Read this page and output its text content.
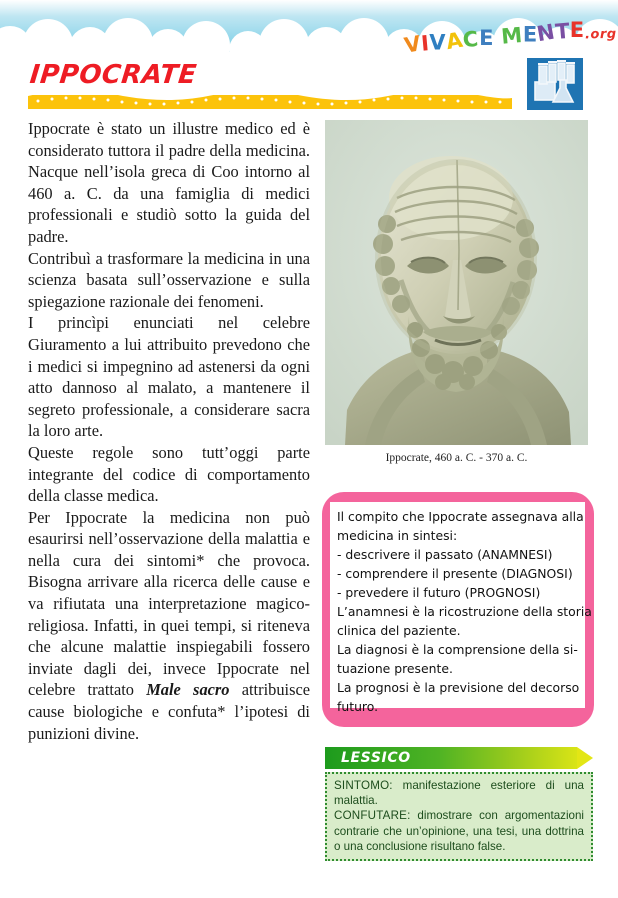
VIVACE MENTE.org
IPPOCRATE

Ippocrate è stato un illustre medico ed è considerato tuttora il padre della medicina. Nacque nell’isola greca di Coo intorno al 460 a. C. da una famiglia di medici professionali e studiò sotto la guida del padre.

Contribuì a trasformare la medicina in una scienza basata sull’osservazione e sulla spiegazione razionale dei fenomeni.

I princìpi enunciati nel celebre Giuramento a lui attribuito prevedono che i medici si impegnino ad astenersi da ogni atto dannoso al malato, a mantenere il segreto professionale, a considerare sacra la loro arte.

Queste regole sono tutt’oggi parte integrante del codice di comportamento della classe medica.

Per Ippocrate la medicina non può esaurirsi nell’osservazione della malattia e nella cura dei sintomi* che provoca. Bisogna arrivare alla ricerca delle cause e va rifiutata una interpretazione magico-religiosa. Infatti, in quei tempi, si riteneva che alcune malattie inspiegabili fossero inviate dagli dei, invece Ippocrate nel celebre trattato Male sacro attribuisce cause biologiche e confuta* l’ipotesi di punizioni divine.

Ippocrate, 460 a. C. - 370 a. C.

Il compito che Ippocrate assegnava alla

medicina in sintesi:

- descrivere il passato (ANAMNESI)

- comprendere il presente (DIAGNOSI)

- prevedere il futuro (PROGNOSI)

L’anamnesi è la ricostruzione della storia

clinica del paziente.

La diagnosi è la comprensione della si-

tuazione presente.

La prognosi è la previsione del decorso

futuro.

LESSICO

SINTOMO: manifestazione esteriore di una malattia.

CONFUTARE: dimostrare con argomentazioni contrarie che un’opinione, una tesi, una dottrina o una conclusione risultano false.
